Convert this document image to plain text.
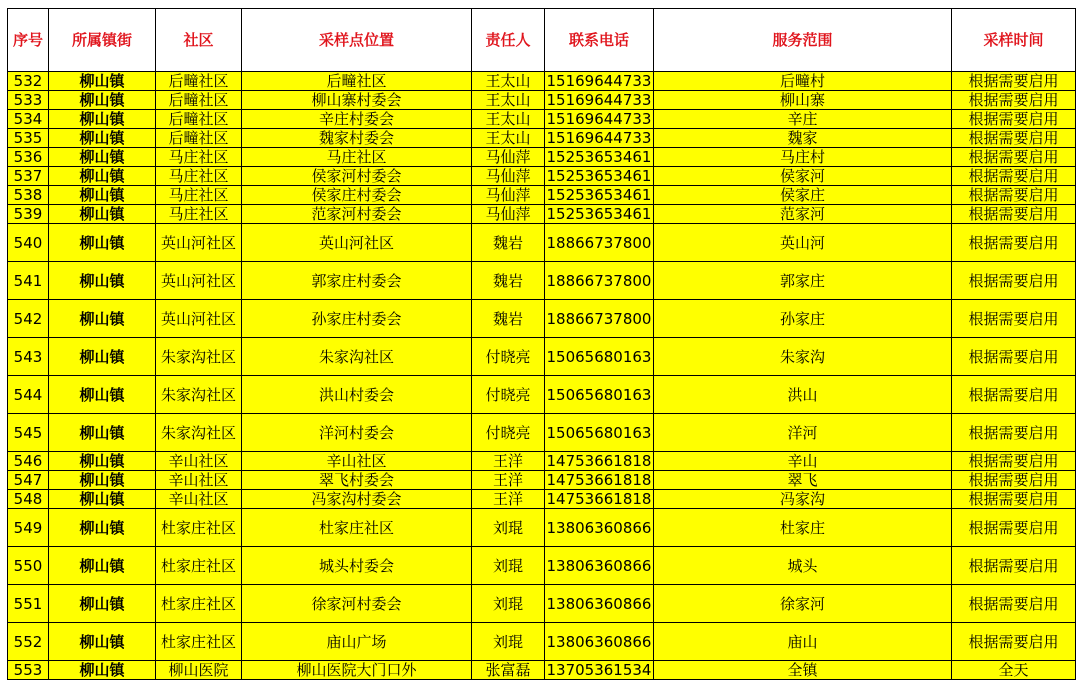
序号	所属镇街	社区	采样点位置	责任人	联系电话	服务范围	采样时间
532	柳山镇	后疃社区	后疃社区	王太山	15169644733	后疃村	根据需要启用
533	柳山镇	后疃社区	柳山寨村委会	王太山	15169644733	柳山寨	根据需要启用
534	柳山镇	后疃社区	辛庄村委会	王太山	15169644733	辛庄	根据需要启用
535	柳山镇	后疃社区	魏家村委会	王太山	15169644733	魏家	根据需要启用
536	柳山镇	马庄社区	马庄社区	马仙萍	15253653461	马庄村	根据需要启用
537	柳山镇	马庄社区	侯家河村委会	马仙萍	15253653461	侯家河	根据需要启用
538	柳山镇	马庄社区	侯家庄村委会	马仙萍	15253653461	侯家庄	根据需要启用
539	柳山镇	马庄社区	范家河村委会	马仙萍	15253653461	范家河	根据需要启用
540	柳山镇	英山河社区	英山河社区	魏岩	18866737800	英山河	根据需要启用
541	柳山镇	英山河社区	郭家庄村委会	魏岩	18866737800	郭家庄	根据需要启用
542	柳山镇	英山河社区	孙家庄村委会	魏岩	18866737800	孙家庄	根据需要启用
543	柳山镇	朱家沟社区	朱家沟社区	付晓亮	15065680163	朱家沟	根据需要启用
544	柳山镇	朱家沟社区	洪山村委会	付晓亮	15065680163	洪山	根据需要启用
545	柳山镇	朱家沟社区	洋河村委会	付晓亮	15065680163	洋河	根据需要启用
546	柳山镇	辛山社区	辛山社区	王洋	14753661818	辛山	根据需要启用
547	柳山镇	辛山社区	翠飞村委会	王洋	14753661818	翠飞	根据需要启用
548	柳山镇	辛山社区	冯家沟村委会	王洋	14753661818	冯家沟	根据需要启用
549	柳山镇	杜家庄社区	杜家庄社区	刘琨	13806360866	杜家庄	根据需要启用
550	柳山镇	杜家庄社区	城头村委会	刘琨	13806360866	城头	根据需要启用
551	柳山镇	杜家庄社区	徐家河村委会	刘琨	13806360866	徐家河	根据需要启用
552	柳山镇	杜家庄社区	庙山广场	刘琨	13806360866	庙山	根据需要启用
553	柳山镇	柳山医院	柳山医院大门口外	张富磊	13705361534	全镇	全天
